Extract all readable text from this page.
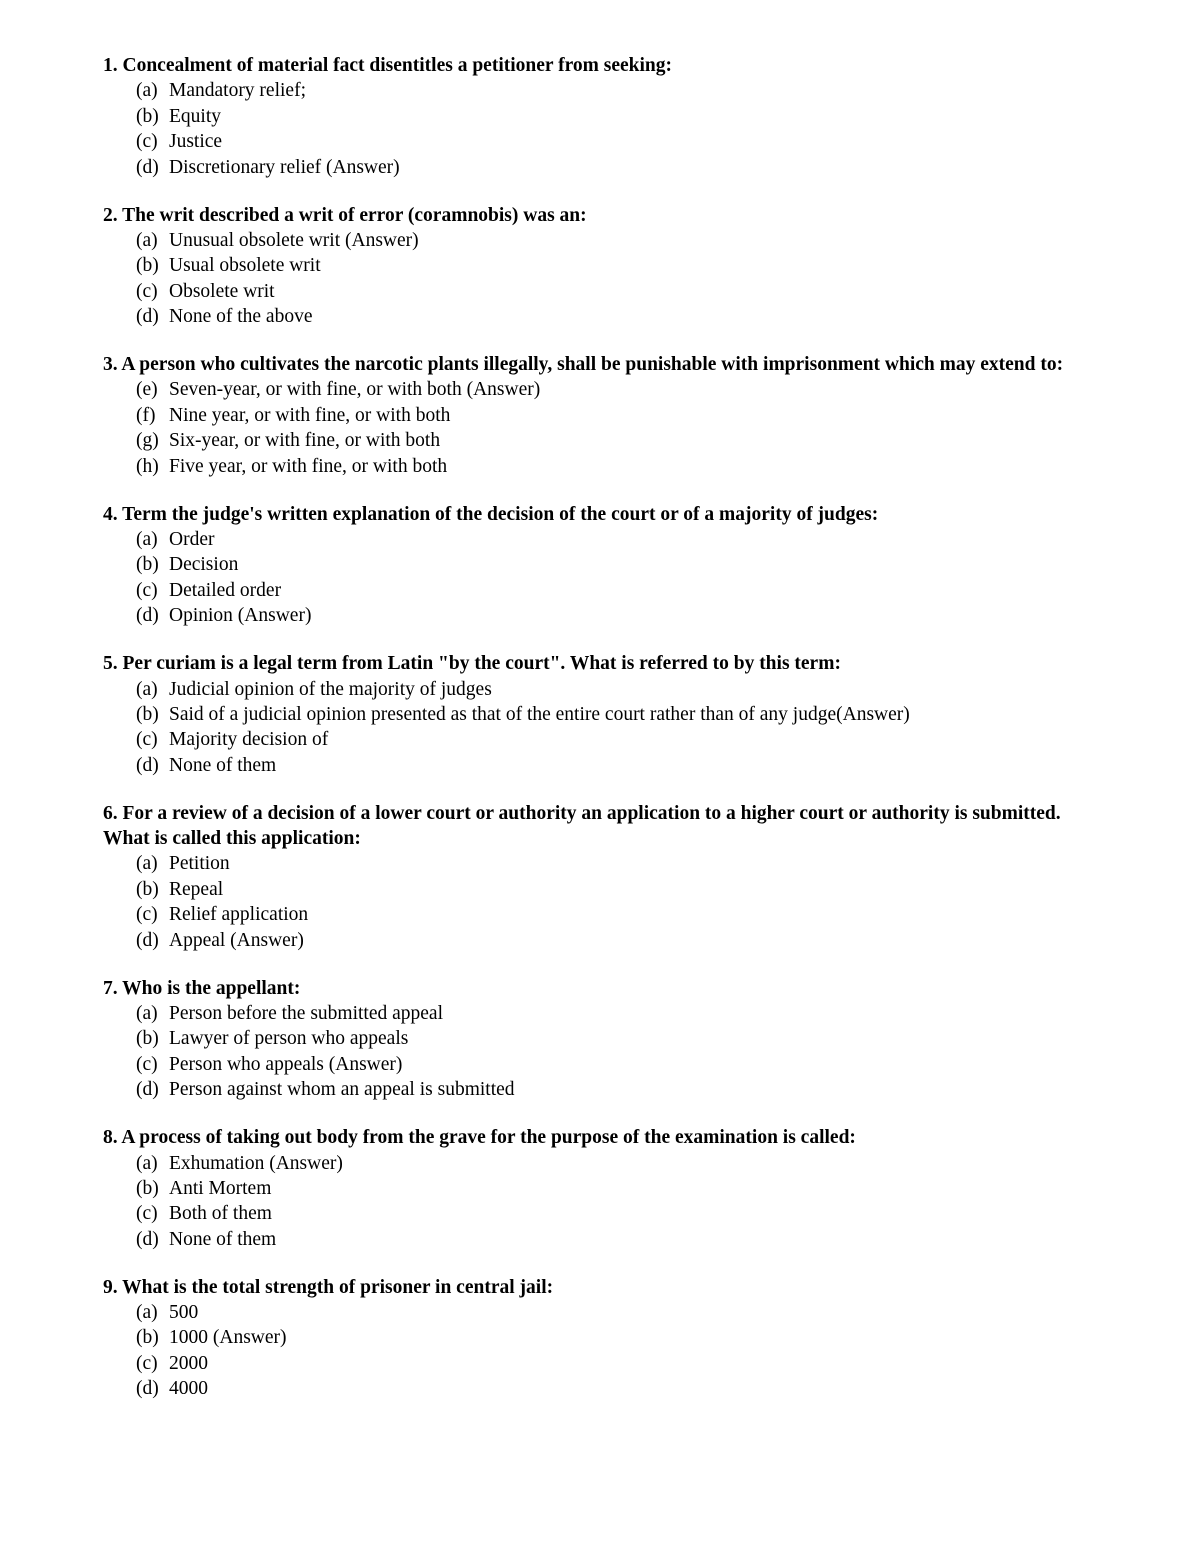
1. Concealment of material fact disentitles a petitioner from seeking:

(a) Mandatory relief;
(b) Equity
(c) Justice
(d) Discretionary relief (Answer)

2. The writ described a writ of error (coramnobis) was an:

(a) Unusual obsolete writ (Answer)
(b) Usual obsolete writ
(c) Obsolete writ
(d) None of the above

3. A person who cultivates the narcotic plants illegally, shall be punishable with imprisonment which may extend to:

(e) Seven-year, or with fine, or with both (Answer)
(f) Nine year, or with fine, or with both
(g) Six-year, or with fine, or with both
(h) Five year, or with fine, or with both

4. Term the judge's written explanation of the decision of the court or of a majority of judges:

(a) Order
(b) Decision
(c) Detailed order
(d) Opinion (Answer)

5. Per curiam is a legal term from Latin "by the court". What is referred to by this term:

(a) Judicial opinion of the majority of judges
(b) Said of a judicial opinion presented as that of the entire court rather than of any judge(Answer)
(c) Majority decision of
(d) None of them

6. For a review of a decision of a lower court or authority an application to a higher court or authority is submitted. What is called this application:

(a) Petition
(b) Repeal
(c) Relief application
(d) Appeal (Answer)

7. Who is the appellant:

(a) Person before the submitted appeal
(b) Lawyer of person who appeals
(c) Person who appeals (Answer)
(d) Person against whom an appeal is submitted

8. A process of taking out body from the grave for the purpose of the examination is called:

(a) Exhumation (Answer)
(b) Anti Mortem
(c) Both of them
(d) None of them

9. What is the total strength of prisoner in central jail:

(a) 500
(b) 1000 (Answer)
(c) 2000
(d) 4000
